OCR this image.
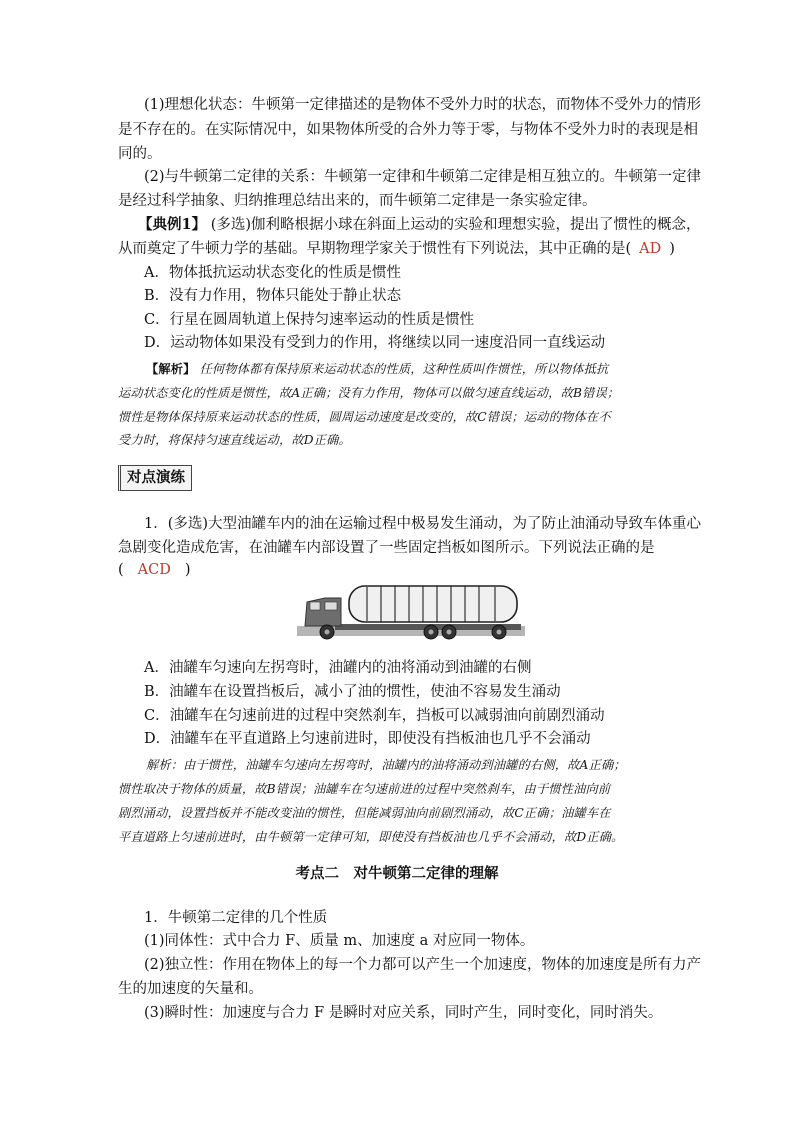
(1)理想化状态：牛顿第一定律描述的是物体不受外力时的状态，而物体不受外力的情形
是不存在的。在实际情况中，如果物体所受的合外力等于零，与物体不受外力时的表现是相
同的。
(2)与牛顿第二定律的关系：牛顿第一定律和牛顿第二定律是相互独立的。牛顿第一定律
是经过科学抽象、归纳推理总结出来的，而牛顿第二定律是一条实验定律。
【典例1】 (多选)伽利略根据小球在斜面上运动的实验和理想实验，提出了惯性的概念，
从而奠定了牛顿力学的基础。早期物理学家关于惯性有下列说法，其中正确的是( AD )
A．物体抵抗运动状态变化的性质是惯性
B．没有力作用，物体只能处于静止状态
C．行星在圆周轨道上保持匀速率运动的性质是惯性
D．运动物体如果没有受到力的作用，将继续以同一速度沿同一直线运动
【解析】 任何物体都有保持原来运动状态的性质，这种性质叫作惯性，所以物体抵抗
运动状态变化的性质是惯性，故A正确；没有力作用，物体可以做匀速直线运动，故B错误；
惯性是物体保持原来运动状态的性质，圆周运动速度是改变的，故C错误；运动的物体在不
受力时，将保持匀速直线运动，故D正确。
对点演练
1．(多选)大型油罐车内的油在运输过程中极易发生涌动，为了防止油涌动导致车体重心
急剧变化造成危害，在油罐车内部设置了一些固定挡板如图所示。下列说法正确的是
( ACD )
A．油罐车匀速向左拐弯时，油罐内的油将涌动到油罐的右侧
B．油罐车在设置挡板后，减小了油的惯性，使油不容易发生涌动
C．油罐车在匀速前进的过程中突然刹车，挡板可以减弱油向前剧烈涌动
D．油罐车在平直道路上匀速前进时，即使没有挡板油也几乎不会涌动
解析：由于惯性，油罐车匀速向左拐弯时，油罐内的油将涌动到油罐的右侧，故A正确；
惯性取决于物体的质量，故B错误；油罐车在匀速前进的过程中突然刹车，由于惯性油向前
剧烈涌动，设置挡板并不能改变油的惯性，但能减弱油向前剧烈涌动，故C正确；油罐车在
平直道路上匀速前进时，由牛顿第一定律可知，即使没有挡板油也几乎不会涌动，故D正确。
考点二　对牛顿第二定律的理解
1．牛顿第二定律的几个性质
(1)同体性：式中合力 F、质量 m、加速度 a 对应同一物体。
(2)独立性：作用在物体上的每一个力都可以产生一个加速度，物体的加速度是所有力产
生的加速度的矢量和。
(3)瞬时性：加速度与合力 F 是瞬时对应关系，同时产生，同时变化，同时消失。
